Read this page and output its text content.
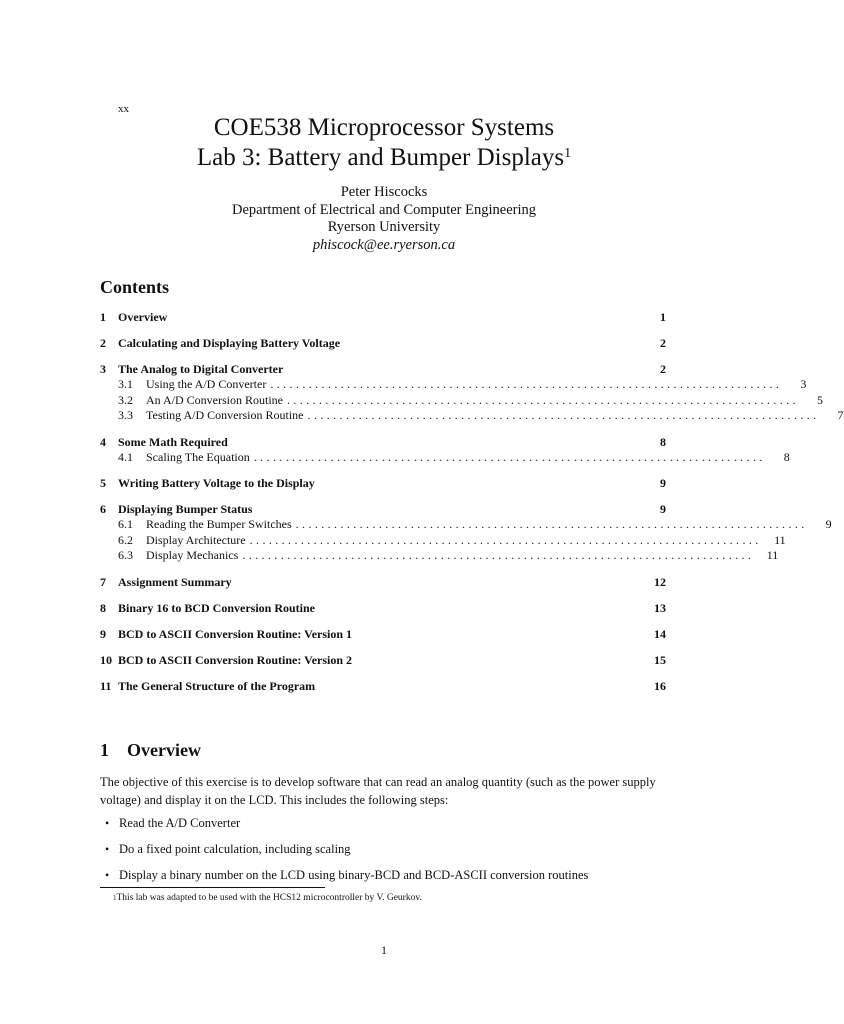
xx
COE538 Microprocessor Systems
Lab 3: Battery and Bumper Displays$^1$
Peter Hiscocks
Department of Electrical and Computer Engineering
Ryerson University
phiscock@ee.ryerson.ca
Contents
1	Overview	1
2	Calculating and Displaying Battery Voltage	2
3	The Analog to Digital Converter	2
3.1	Using the A/D Converter ................................................................................	3
3.2	An A/D Conversion Routine ................................................................................	5
3.3	Testing A/D Conversion Routine ................................................................................	7
4	Some Math Required	8
4.1	Scaling The Equation ................................................................................	8
5	Writing Battery Voltage to the Display	9
6	Displaying Bumper Status	9
6.1	Reading the Bumper Switches ................................................................................	9
6.2	Display Architecture ................................................................................	11
6.3	Display Mechanics ................................................................................	11
7	Assignment Summary	12
8	Binary 16 to BCD Conversion Routine	13
9	BCD to ASCII Conversion Routine: Version 1	14
10 BCD to ASCII Conversion Routine: Version 2	15
11 The General Structure of the Program	16
1 Overview
The objective of this exercise is to develop software that can read an analog quantity (such as the power supply voltage) and display it on the LCD. This includes the following steps:
• Read the A/D Converter
• Do a fixed point calculation, including scaling
• Display a binary number on the LCD using binary-BCD and BCD-ASCII conversion routines
$^1$This lab was adapted to be used with the HCS12 microcontroller by V. Geurkov.
1
